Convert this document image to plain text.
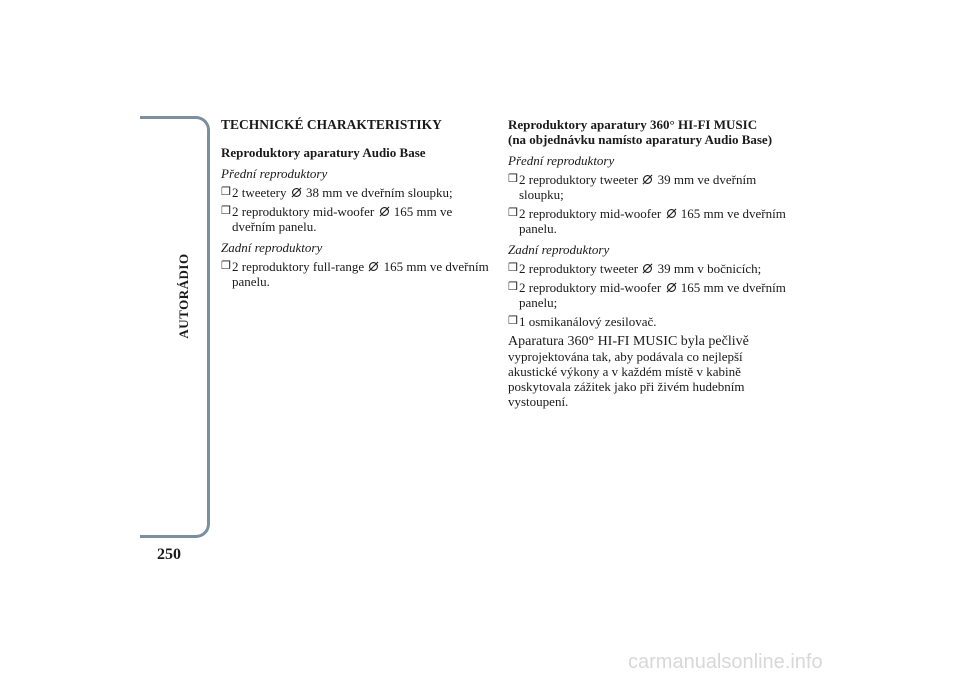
AUTORÁDIO
250

TECHNICKÉ CHARAKTERISTIKY

Reproduktory aparatury Audio Base

Přední reproduktory

❒ 2 tweetery 38 mm ve dveřním sloupku;
❒ 2 reproduktory mid-woofer 165 mm ve dveřním panelu.

Zadní reproduktory

❒ 2 reproduktory full-range 165 mm ve dveřním panelu.

Reproduktory aparatury 360° HI-FI MUSIC
(na objednávku namísto aparatury Audio Base)

Přední reproduktory

❒ 2 reproduktory tweeter 39 mm ve dveřním sloupku;
❒ 2 reproduktory mid-woofer 165 mm ve dveřním panelu.

Zadní reproduktory

❒ 2 reproduktory tweeter 39 mm v bočnicích;
❒ 2 reproduktory mid-woofer 165 mm ve dveřním panelu;
❒ 1 osmikanálový zesilovač.

Aparatura 360° HI-FI MUSIC byla pečlivě vyprojektována tak, aby podávala co nejlepší akustické výkony a v každém místě v kabině poskytovala zážitek jako při živém hudebním vystoupení.

carmanualsonline.info
